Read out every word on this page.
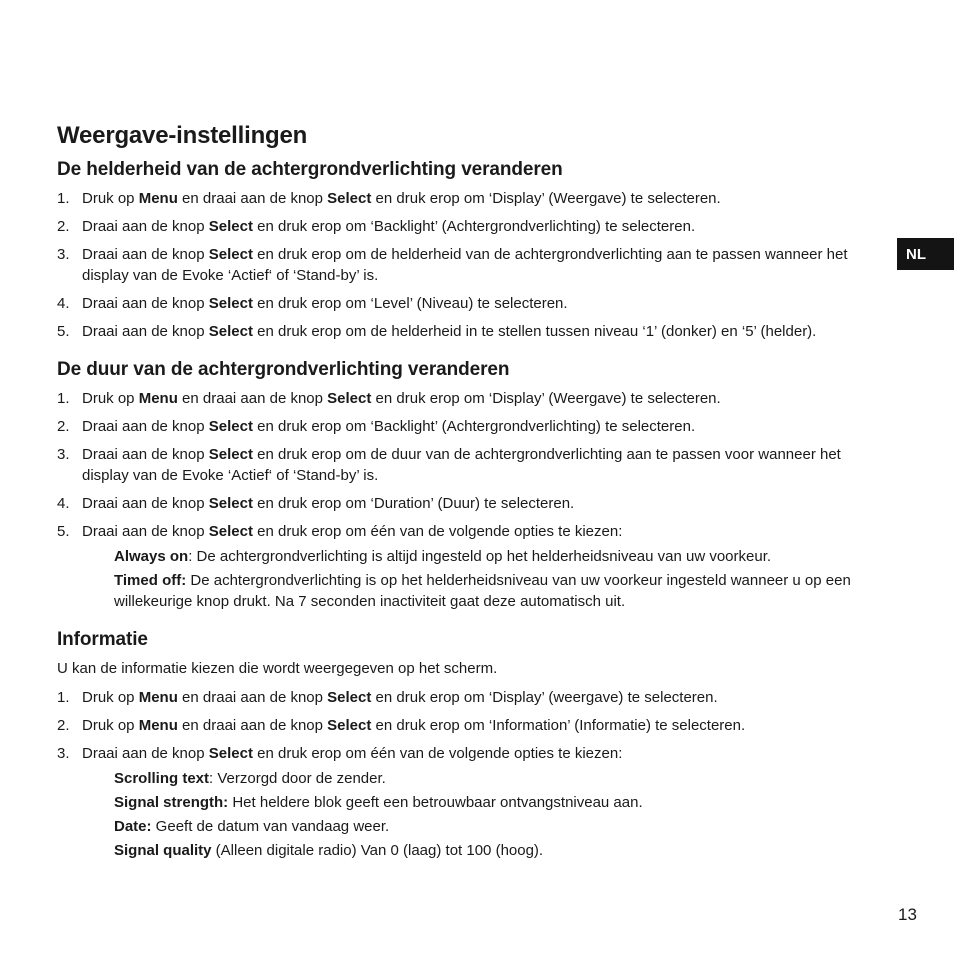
Weergave-instellingen
De helderheid van de achtergrondverlichting veranderen
1. Druk op Menu en draai aan de knop Select en druk erop om ‘Display’ (Weergave) te selecteren.
2. Draai aan de knop Select en druk erop om ‘Backlight’ (Achtergrondverlichting) te selecteren.
3. Draai aan de knop Select en druk erop om de helderheid van de achtergrondverlichting aan te passen wanneer het display van de Evoke ‘Actief‘ of ‘Stand-by’ is.
4. Draai aan de knop Select en druk erop om ‘Level’ (Niveau) te selecteren.
5. Draai aan de knop Select en druk erop om de helderheid in te stellen tussen niveau ‘1’ (donker) en ‘5’ (helder).
De duur van de achtergrondverlichting veranderen
1. Druk op Menu en draai aan de knop Select en druk erop om ‘Display’ (Weergave) te selecteren.
2. Draai aan de knop Select en druk erop om ‘Backlight’ (Achtergrondverlichting) te selecteren.
3. Draai aan de knop Select en druk erop om de duur van de achtergrondverlichting aan te passen voor wanneer het display van de Evoke ‘Actief‘ of ‘Stand-by’ is.
4. Draai aan de knop Select en druk erop om ‘Duration’ (Duur) te selecteren.
5. Draai aan de knop Select en druk erop om één van de volgende opties te kiezen:
Always on: De achtergrondverlichting is altijd ingesteld op het helderheidsniveau van uw voorkeur.
Timed off: De achtergrondverlichting is op het helderheidsniveau van uw voorkeur ingesteld wanneer u op een willekeurige knop drukt. Na 7 seconden inactiviteit gaat deze automatisch uit.
Informatie

U kan de informatie kiezen die wordt weergegeven op het scherm.

1. Druk op Menu en draai aan de knop Select en druk erop om ‘Display’ (weergave) te selecteren.
2. Druk op Menu en draai aan de knop Select en druk erop om ‘Information’ (Informatie) te selecteren.
3. Draai aan de knop Select en druk erop om één van de volgende opties te kiezen:
Scrolling text: Verzorgd door de zender.
Signal strength: Het heldere blok geeft een betrouwbaar ontvangstniveau aan.
Date: Geeft de datum van vandaag weer.
Signal quality (Alleen digitale radio) Van 0 (laag) tot 100 (hoog).
NL
13
